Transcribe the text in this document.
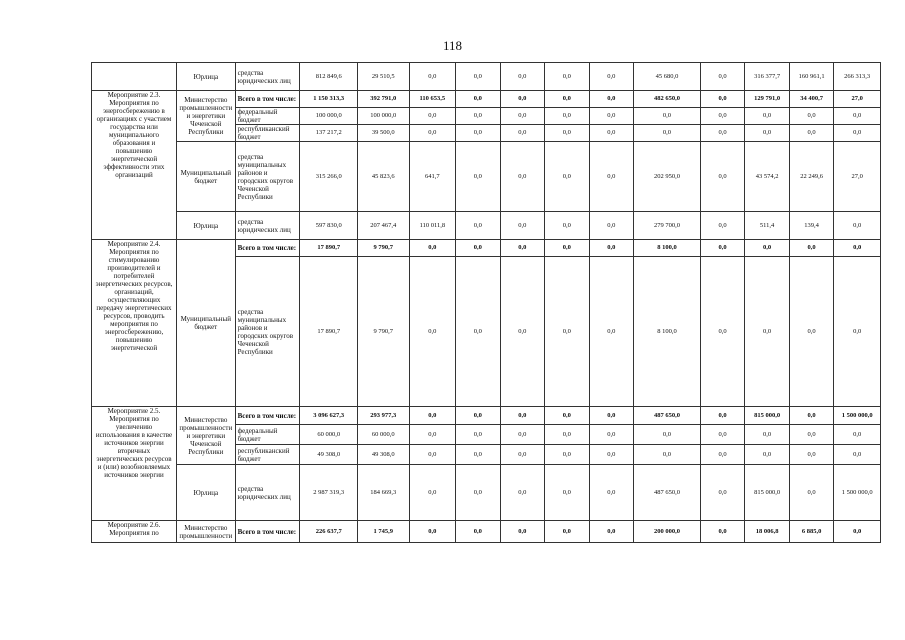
118
	Юрлица	средства юридических лиц	812 849,6	29 510,5	0,0	0,0	0,0	0,0	0,0	45 680,0	0,0	316 377,7	160 961,1	266 313,3
Мероприятие 2.3. Мероприятия по энергосбережению в организациях с участием государства или муниципального образования и повышению энергетической эффективности этих организаций	Министерство промышленности и энергетики Чеченской Республики	Всего в том числе:	1 150 313,3	392 791,0	110 653,5	0,0	0,0	0,0	0,0	482 650,0	0,0	129 791,0	34 400,7	27,0
		федеральный бюджет	100 000,0	100 000,0	0,0	0,0	0,0	0,0	0,0	0,0	0,0	0,0	0,0	0,0
		республиканский бюджет	137 217,2	39 500,0	0,0	0,0	0,0	0,0	0,0	0,0	0,0	0,0	0,0	0,0
	Муниципальный бюджет	средства муниципальных районов и городских округов Чеченской Республики	315 266,0	45 823,6	641,7	0,0	0,0	0,0	0,0	202 950,0	0,0	43 574,2	22 249,6	27,0
	Юрлица	средства юридических лиц	597 830,0	207 467,4	110 011,8	0,0	0,0	0,0	0,0	279 700,0	0,0	511,4	139,4	0,0
Мероприятие 2.4. Мероприятия по стимулированию производителей и потребителей энергетических ресурсов, организаций, осуществляющих передачу энергетических ресурсов, проводить мероприятия по энергосбережению, повышению энергетической	Муниципальный бюджет	Всего в том числе:	17 890,7	9 790,7	0,0	0,0	0,0	0,0	0,0	8 100,0	0,0	0,0	0,0	0,0
		средства муниципальных районов и городских округов Чеченской Республики	17 890,7	9 790,7	0,0	0,0	0,0	0,0	0,0	8 100,0	0,0	0,0	0,0	0,0
Мероприятие 2.5. Мероприятия по увеличению использования в качестве источников энергии вторичных энергетических ресурсов и (или) возобновляемых источников энергии	Министерство промышленности и энергетики Чеченской Республики	Всего в том числе:	3 096 627,3	293 977,3	0,0	0,0	0,0	0,0	0,0	487 650,0	0,0	815 000,0	0,0	1 500 000,0
		федеральный бюджет	60 000,0	60 000,0	0,0	0,0	0,0	0,0	0,0	0,0	0,0	0,0	0,0	0,0
		республиканский бюджет	49 308,0	49 308,0	0,0	0,0	0,0	0,0	0,0	0,0	0,0	0,0	0,0	0,0
	Юрлица	средства юридических лиц	2 987 319,3	184 669,3	0,0	0,0	0,0	0,0	0,0	487 650,0	0,0	815 000,0	0,0	1 500 000,0
Мероприятие 2.6. Мероприятия по	Министерство промышленности	Всего в том числе:	226 637,7	1 745,9	0,0	0,0	0,0	0,0	0,0	200 000,0	0,0	18 006,8	6 885,0	0,0
